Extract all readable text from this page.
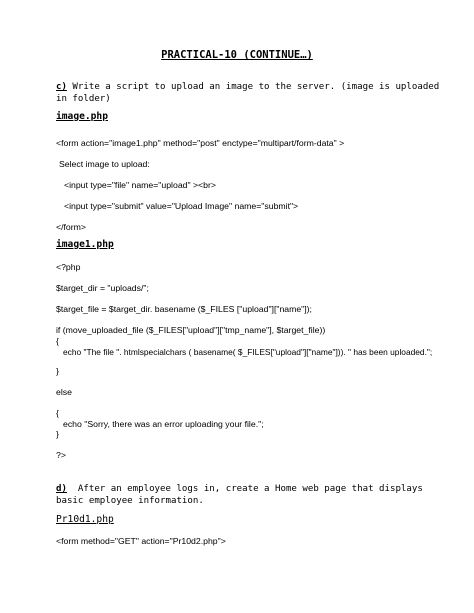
PRACTICAL-10 (CONTINUE…)
c) Write a script to upload an image to the server. (image is uploaded
in folder)
image.php
<form action="image1.php" method="post" enctype="multipart/form-data" >
Select image to upload:
<input type="file" name="upload" ><br>
<input type="submit" value="Upload Image" name="submit">
</form>
image1.php
<?php
$target_dir = "uploads/";
$target_file = $target_dir. basename ($_FILES ["upload"]["name"]);
if (move_uploaded_file ($_FILES["upload"]["tmp_name"], $target_file))
{
echo "The file ". htmlspecialchars ( basename( $_FILES["upload"]["name"])). " has been uploaded.";
}
else
{
echo "Sorry, there was an error uploading your file.";
}
?>
d)  After an employee logs in, create a Home web page that displays
basic employee information.
Pr10d1.php
<form method="GET" action="Pr10d2.php">
